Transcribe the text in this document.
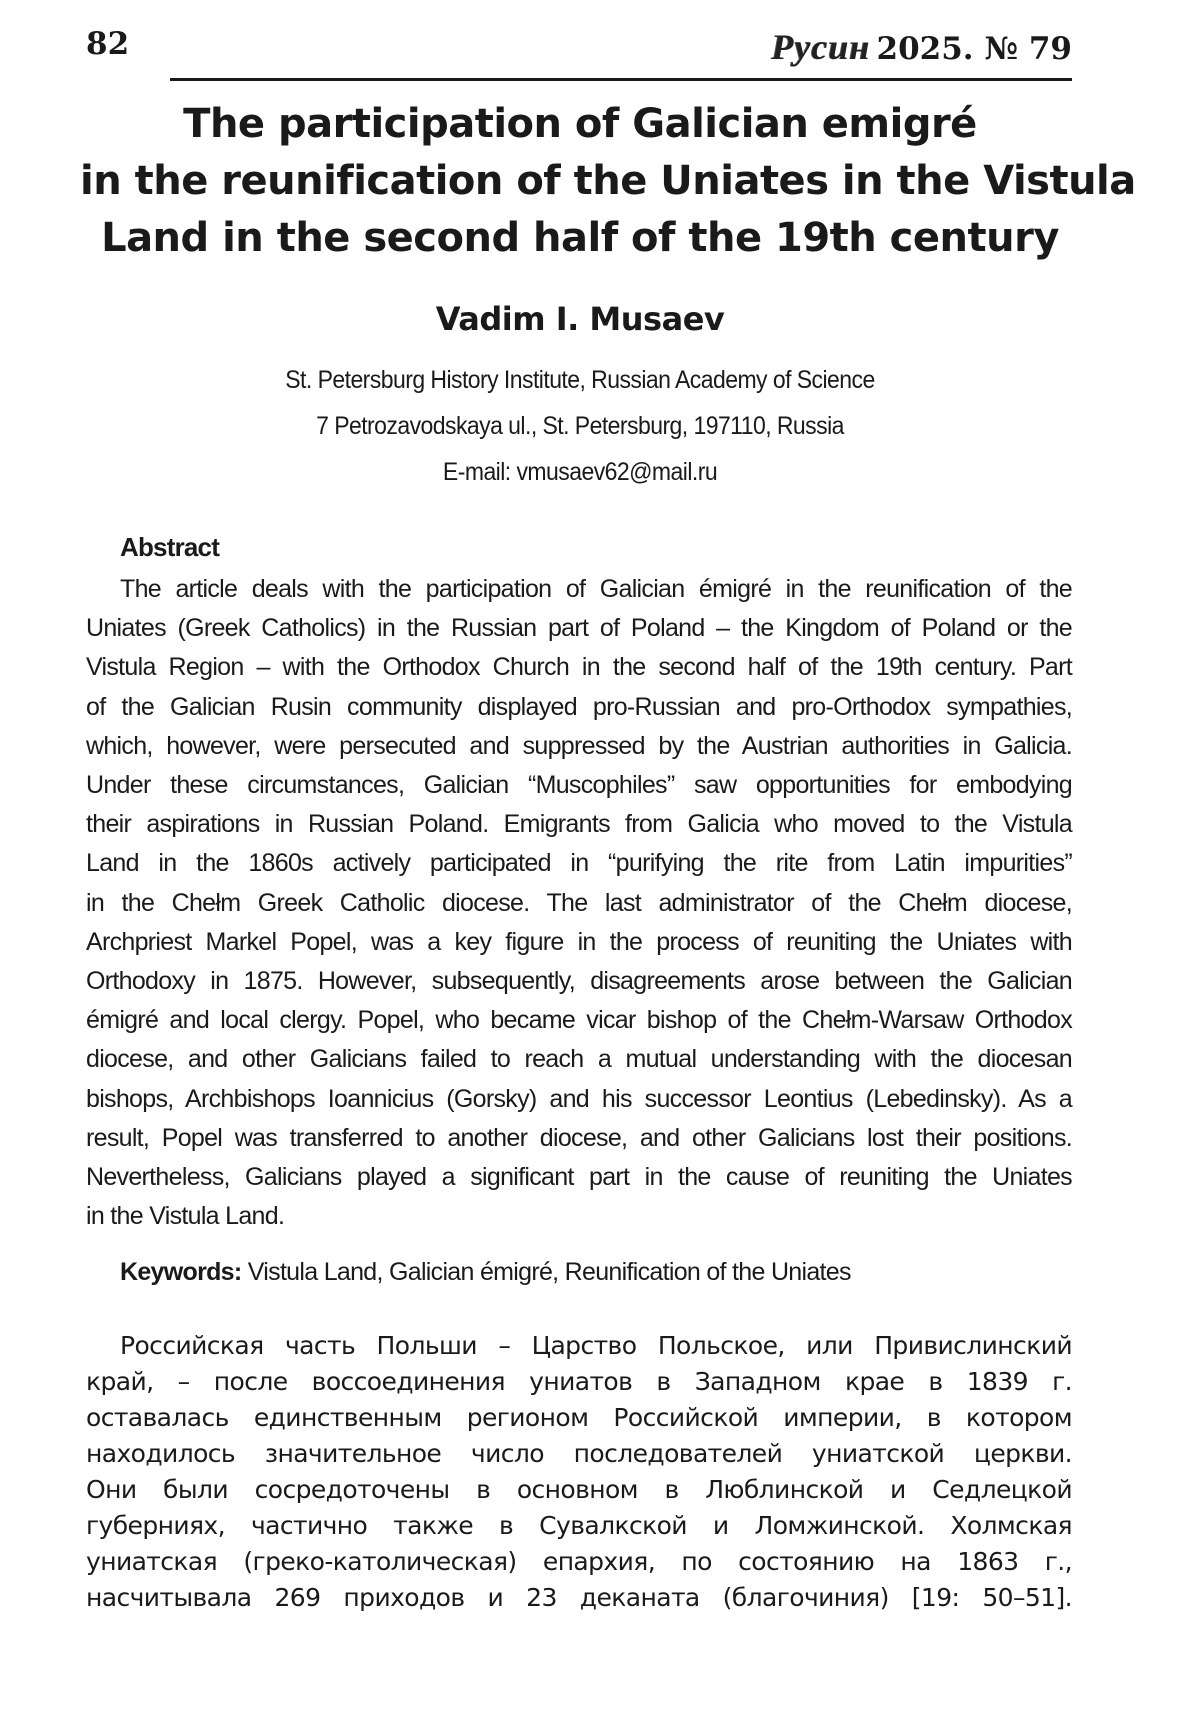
82	Русин 2025. № 79
The participation of Galician emigré
in the reunification of the Uniates in the Vistula
Land in the second half of the 19th century
Vadim I. Musaev
St. Petersburg History Institute, Russian Academy of Science
7 Petrozavodskaya ul., St. Petersburg, 197110, Russia
E-mail: vmusaev62@mail.ru
Abstract
The article deals with the participation of Galician émigré in the reunification of the
Uniates (Greek Catholics) in the Russian part of Poland – the Kingdom of Poland or the
Vistula Region – with the Orthodox Church in the second half of the 19th century. Part
of the Galician Rusin community displayed pro-Russian and pro-Orthodox sympathies,
which, however, were persecuted and suppressed by the Austrian authorities in Galicia.
Under these circumstances, Galician “Muscophiles” saw opportunities for embodying
their aspirations in Russian Poland. Emigrants from Galicia who moved to the Vistula
Land in the 1860s actively participated in “purifying the rite from Latin impurities”
in the Chełm Greek Catholic diocese. The last administrator of the Chełm diocese,
Archpriest Markel Popel, was a key figure in the process of reuniting the Uniates with
Orthodoxy in 1875. However, subsequently, disagreements arose between the Galician
émigré and local clergy. Popel, who became vicar bishop of the Chełm-Warsaw Orthodox
diocese, and other Galicians failed to reach a mutual understanding with the diocesan
bishops, Archbishops Ioannicius (Gorsky) and his successor Leontius (Lebedinsky). As a
result, Popel was transferred to another diocese, and other Galicians lost their positions.
Nevertheless, Galicians played a significant part in the cause of reuniting the Uniates
in the Vistula Land.
Keywords: Vistula Land, Galician émigré, Reunification of the Uniates
Российская часть Польши – Царство Польское, или Привислинский
край, – после воссоединения униатов в Западном крае в 1839 г.
оставалась единственным регионом Российской империи, в котором
находилось значительное число последователей униатской церкви.
Они были сосредоточены в основном в Люблинской и Седлецкой
губерниях, частично также в Сувалкской и Ломжинской. Холмская
униатская (греко-католическая) епархия, по состоянию на 1863 г.,
насчитывала 269 приходов и 23 деканата (благочиния) [19: 50–51].
